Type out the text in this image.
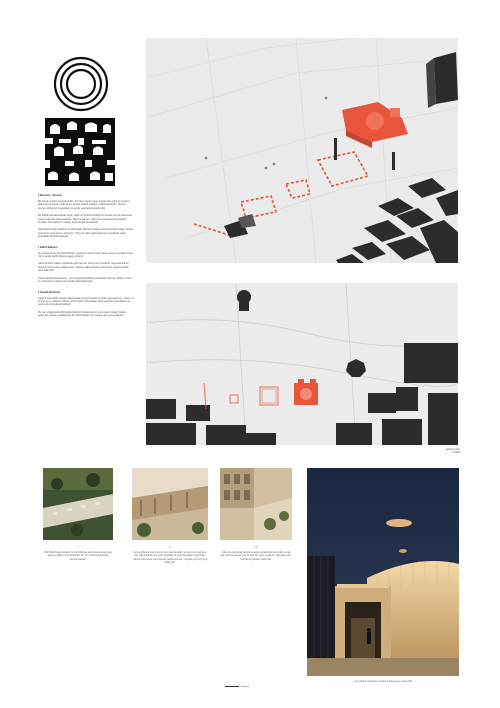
| Mevcut · Bozuk
Bir zaman kentin simgelerinden biri olan kapalı çarşı bugün terk edilmiş, kentsel doku içinde işlevini yitirmiş bir boşluk olarak varlığını sürdürmektedir. Yapının çevresi düzensiz otoparklar ve geçici yapılarla kuşatılmıştır.
Bu bağlamda tasarlanan proje, tarihi ve fiziksel belleği koruyarak yeni bir kamusal yaşam katmanı önermektedir. Mevcut yapının izleri korunarak kentsel ölçekte yeniden okunabilir bir mekan dizisi oluşturulmaktadır.
Hatt-Nihat Paşa Caddesi ve Mirzaoğlu Mahmut Sokak arasında kalan bölge, kentin önemli bir yaya aksını oluşturur. Proje bu aksı güçlendirerek meydanlar arası sürekliliği hedeflemektedir.
| Sahil Bahars
İki paralel eksen ile Sahil Bahars yapısının tarihi kuzey-güney aksını yeniden kurar. Yeni yapılar tarihi dokuya saygı gösterir.
Sahil şeridine bakan yapılarda geçirgen bir zemin kat önerilmiş, kamusal alanın deniz ile buluşması sağlanmıştır. Mevcut ağaç dokusu korunarak gölgeli avlular elde edilmiştir.
Kentin tarihsel katmanları, yeni programla birlikte okunabilir kılınmış; kültür, ticaret ve rekreasyon işlevleri bir arada düşünülmüştür.
| Kazalı Dönemi
Çarşı kuzeyindeki yapılar kaldırılarak kentsel boşluk yeniden tanımlanmış, yüzey ve zemin aynı malzeme diliyle çözülmüştür. Meydanlar arası geçişler aydınlatma ve peyzaj ile desteklenmektedir.
Bu yeni doğrultuda Mirzaoğlu Mahmut Sokak kentin yeni odak noktası haline gelmekte, akşam saatlerinde de kullanılabilen bir yaşam alanı sunmaktadır.
vaziyet planı
1:2000
I
Hatt-Nihat Paşa Caddesi ve Sahil Kubbe arasında korunan ağaç dokusu, gölgeli oturma alanları ile yeni bir kamusal bahçe oluşturmaktadır.
II
Kentsel Meydan'dan Mevlevi Şeri aksına doğru uzanan yeni geçirgen kat, hafif strüktürü ve ritmik açıklıkları ile yaya hareketini yönlendirir. Yapının kuzeyinde konumlanan kültürel işlevler, meydanı gün boyunca aktif tutar.
III
Arka sıra yapılarda yapılan teraslar ile bakıldığında görülen teras katı; kentsel silüete yeni bir katman ekler ve akşam ışığında kentin hafızasına yeniden dahil olur.
yeni yapılar arasından meydana bakış gece perspektifi
